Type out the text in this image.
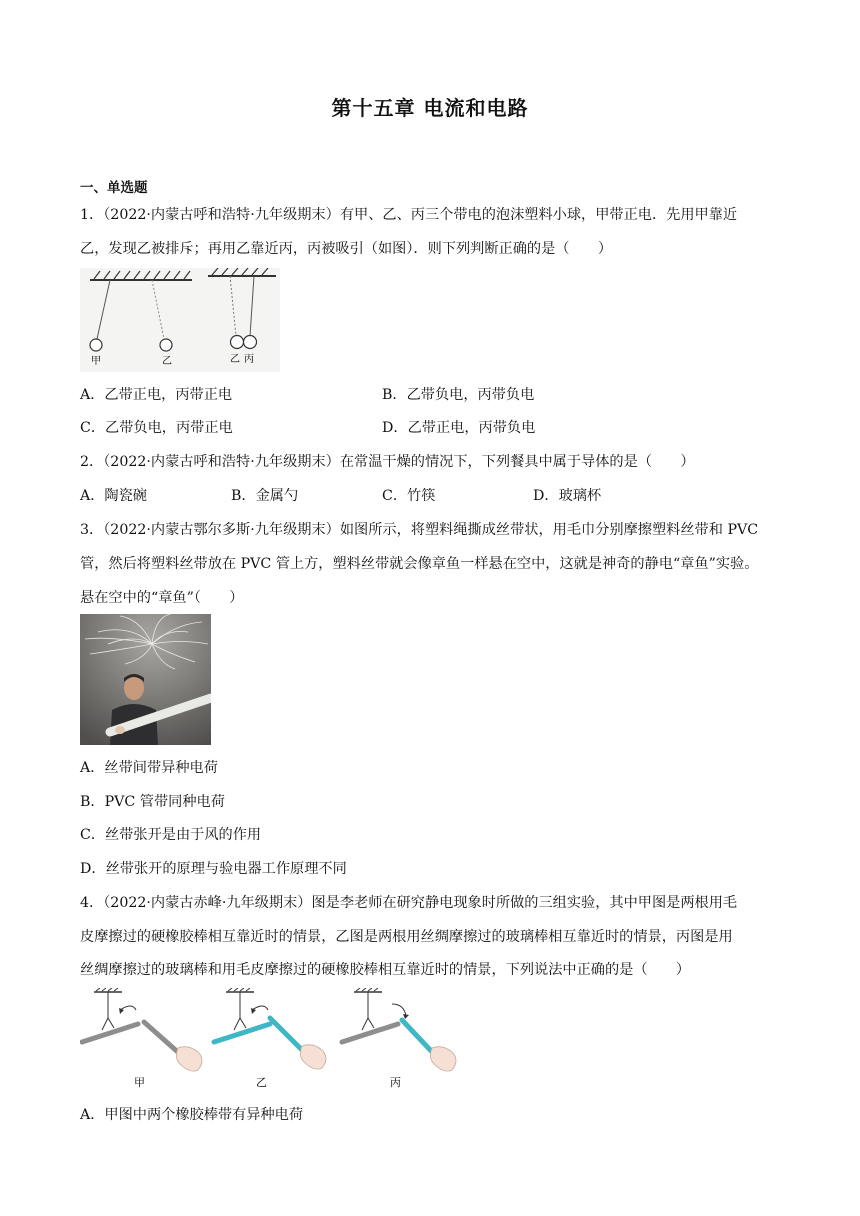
第十五章 电流和电路
一、单选题
1．（2022·内蒙古呼和浩特·九年级期末）有甲、乙、丙三个带电的泡沫塑料小球，甲带正电．先用甲靠近
乙，发现乙被排斥；再用乙靠近丙，丙被吸引（如图）．则下列判断正确的是（　　）
甲	乙	乙 丙
A．乙带正电，丙带正电	B．乙带负电，丙带负电
C．乙带负电，丙带正电	D．乙带正电，丙带负电
2．（2022·内蒙古呼和浩特·九年级期末）在常温干燥的情况下，下列餐具中属于导体的是（　　）
A．陶瓷碗	B．金属勺	C．竹筷	D．玻璃杯
3．（2022·内蒙古鄂尔多斯·九年级期末）如图所示，将塑料绳撕成丝带状，用毛巾分别摩擦塑料丝带和 PVC
管，然后将塑料丝带放在 PVC 管上方，塑料丝带就会像章鱼一样悬在空中，这就是神奇的静电“章鱼”实验。
悬在空中的“章鱼”（　　）
A．丝带间带异种电荷
B．PVC 管带同种电荷
C．丝带张开是由于风的作用
D．丝带张开的原理与验电器工作原理不同
4．（2022·内蒙古赤峰·九年级期末）图是李老师在研究静电现象时所做的三组实验，其中甲图是两根用毛
皮摩擦过的硬橡胶棒相互靠近时的情景，乙图是两根用丝绸摩擦过的玻璃棒相互靠近时的情景，丙图是用
丝绸摩擦过的玻璃棒和用毛皮摩擦过的硬橡胶棒相互靠近时的情景，下列说法中正确的是（　　）
甲	乙	丙
A．甲图中两个橡胶棒带有异种电荷
